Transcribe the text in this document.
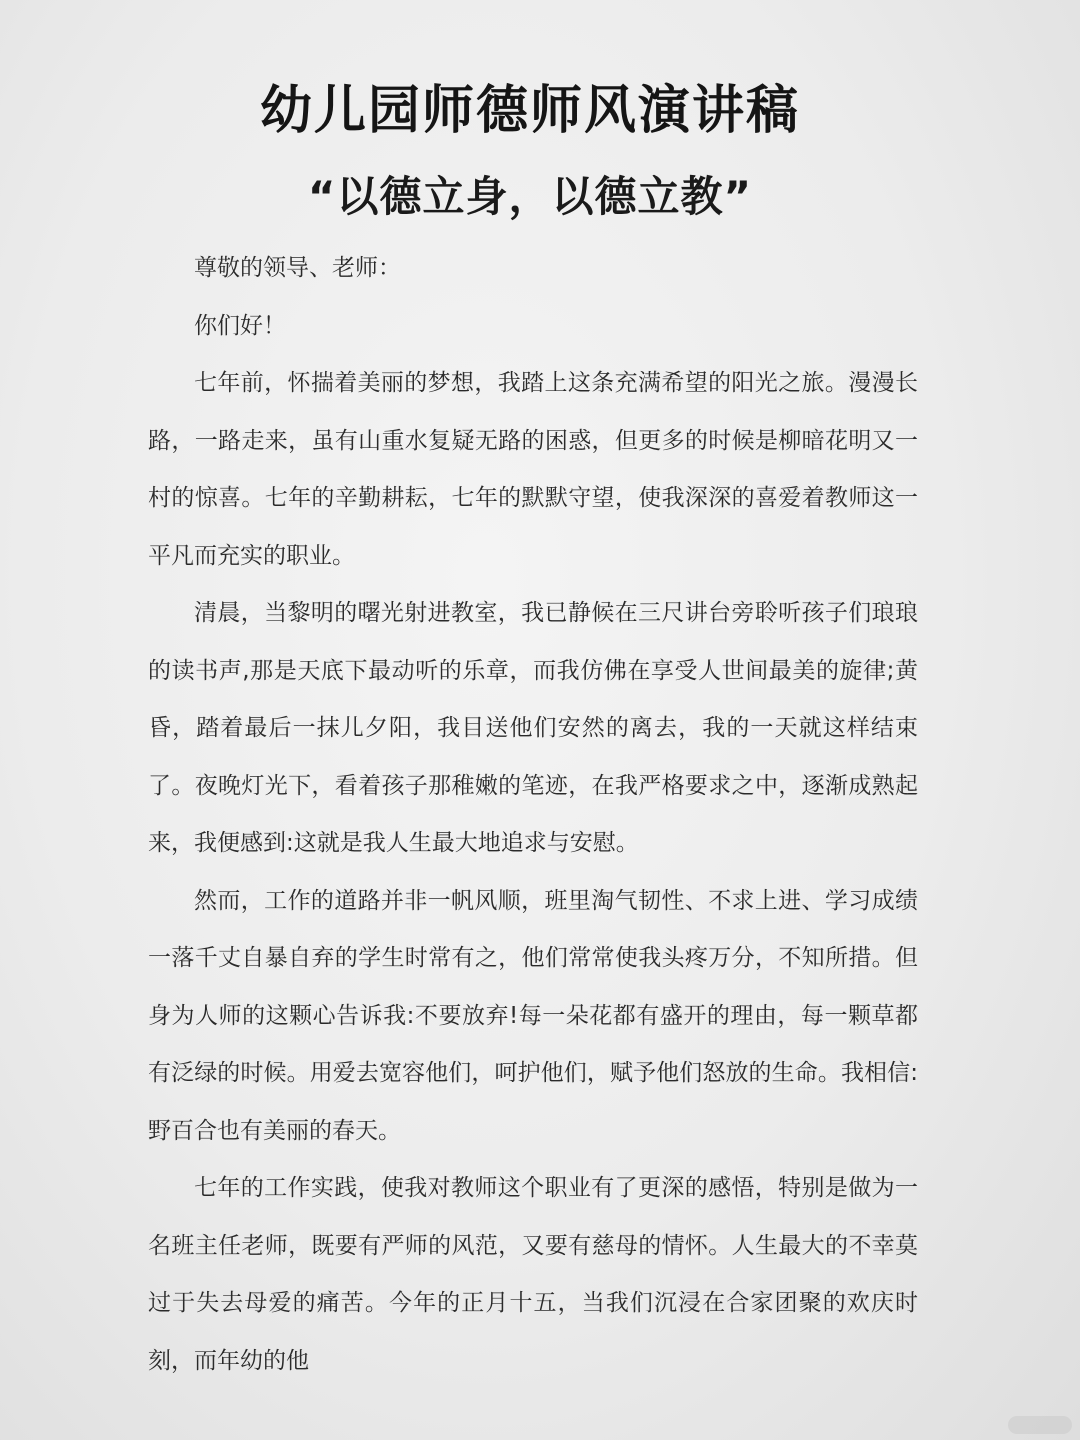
幼儿园师德师风演讲稿
“以德立身，以德立教”

尊敬的领导、老师：

你们好！

七年前，怀揣着美丽的梦想，我踏上这条充满希望的阳光之旅。漫漫长路，一路走来，虽有山重水复疑无路的困惑，但更多的时候是柳暗花明又一村的惊喜。七年的辛勤耕耘，七年的默默守望，使我深深的喜爱着教师这一平凡而充实的职业。

清晨，当黎明的曙光射进教室，我已静候在三尺讲台旁聆听孩子们琅琅的读书声,那是天底下最动听的乐章，而我仿佛在享受人世间最美的旋律;黄昏，踏着最后一抹儿夕阳，我目送他们安然的离去，我的一天就这样结束了。夜晚灯光下，看着孩子那稚嫩的笔迹，在我严格要求之中，逐渐成熟起来，我便感到:这就是我人生最大地追求与安慰。

然而，工作的道路并非一帆风顺，班里淘气韧性、不求上进、学习成绩一落千丈自暴自弃的学生时常有之，他们常常使我头疼万分，不知所措。但身为人师的这颗心告诉我:不要放弃!每一朵花都有盛开的理由，每一颗草都有泛绿的时候。用爱去宽容他们，呵护他们，赋予他们怒放的生命。我相信:野百合也有美丽的春天。

七年的工作实践，使我对教师这个职业有了更深的感悟，特别是做为一名班主任老师，既要有严师的风范，又要有慈母的情怀。人生最大的不幸莫过于失去母爱的痛苦。今年的正月十五，当我们沉浸在合家团聚的欢庆时刻，而年幼的他
